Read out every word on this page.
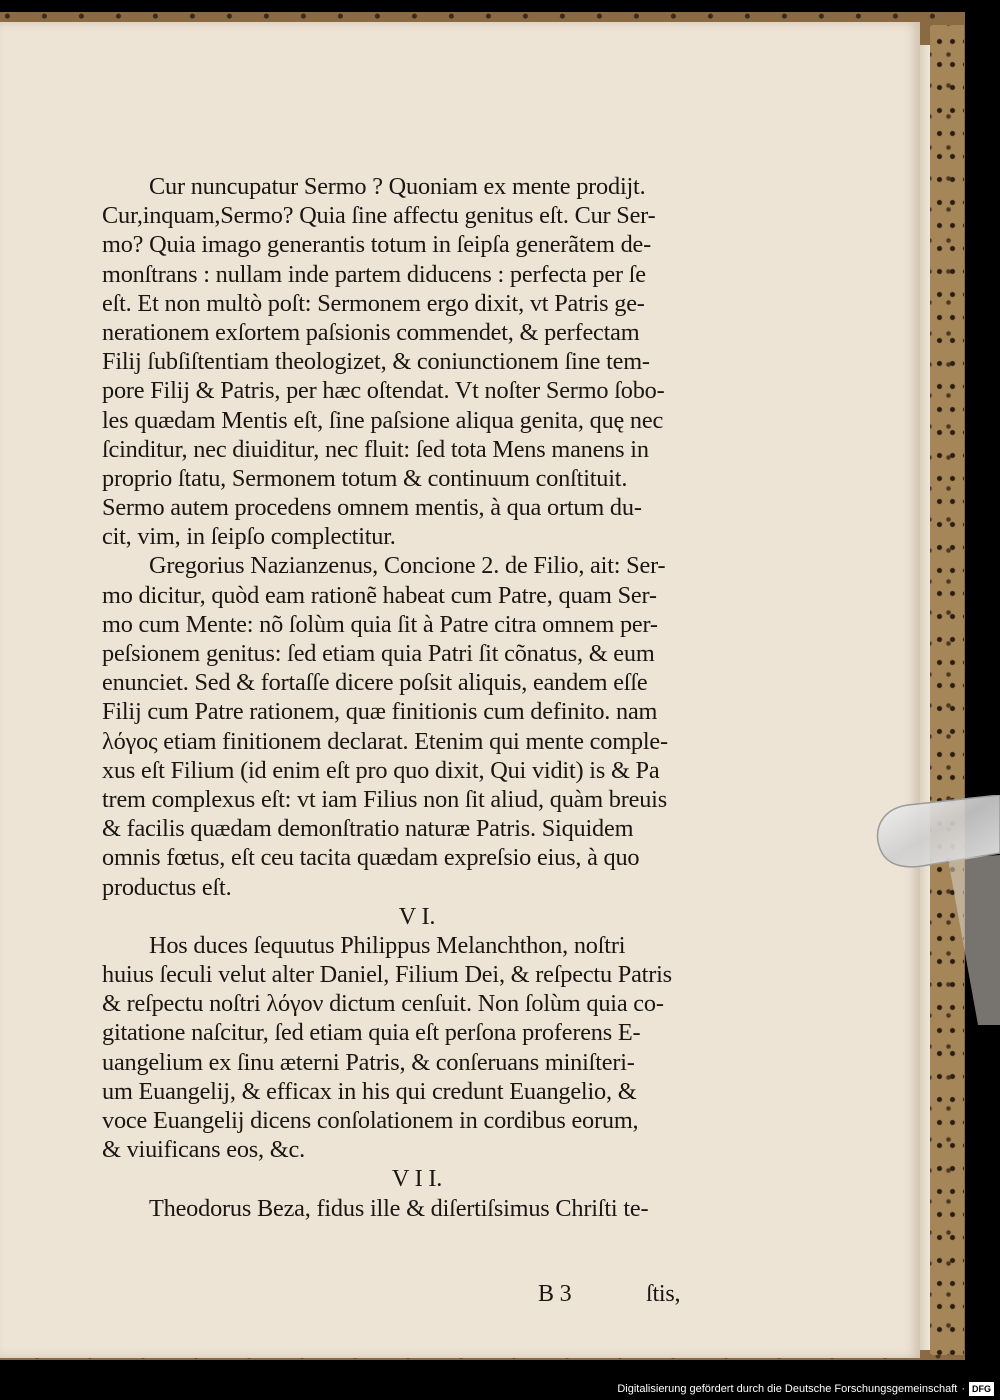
Cur nuncupatur Sermo ? Quoniam ex mente prodijt.
Cur,inquam,Sermo? Quia ſine affectu genitus eſt. Cur Ser-
mo? Quia imago generantis totum in ſeipſa generãtem de-
monſtrans : nullam inde partem diducens : perfecta per ſe
eſt. Et non multò poſt: Sermonem ergo dixit, vt Patris ge-
nerationem exſortem paſsionis commendet, & perfectam
Filij ſubſiſtentiam theologizet, & coniunctionem ſine tem-
pore Filij & Patris, per hæc oſtendat. Vt noſter Sermo ſobo-
les quædam Mentis eſt, ſine paſsione aliqua genita, quę nec
ſcinditur, nec diuiditur, nec fluit: ſed tota Mens manens in
proprio ſtatu, Sermonem totum & continuum conſtituit.
Sermo autem procedens omnem mentis, à qua ortum du-
cit, vim, in ſeipſo complectitur.
Gregorius Nazianzenus, Concione 2. de Filio, ait: Ser-
mo dicitur, quòd eam rationẽ habeat cum Patre, quam Ser-
mo cum Mente: nõ ſolùm quia ſit à Patre citra omnem per-
peſsionem genitus: ſed etiam quia Patri ſit cõnatus, & eum
enunciet. Sed & fortaſſe dicere poſsit aliquis, eandem eſſe
Filij cum Patre rationem, quæ finitionis cum definito. nam
λόγος etiam finitionem declarat. Etenim qui mente comple-
xus eſt Filium (id enim eſt pro quo dixit, Qui vidit) is & Pa
trem complexus eſt: vt iam Filius non ſit aliud, quàm breuis
& facilis quædam demonſtratio naturæ Patris. Siquidem
omnis fœtus, eſt ceu tacita quædam expreſsio eius, à quo
productus eſt.
V I.
Hos duces ſequutus Philippus Melanchthon, noſtri
huius ſeculi velut alter Daniel, Filium Dei, & reſpectu Patris
& reſpectu noſtri λόγον dictum cenſuit. Non ſolùm quia co-
gitatione naſcitur, ſed etiam quia eſt perſona proferens E-
uangelium ex ſinu æterni Patris, & conſeruans miniſteri-
um Euangelij, & efficax in his qui credunt Euangelio, &
voce Euangelij dicens conſolationem in cordibus eorum,
& viuificans eos, &c.
V I I.
Theodorus Beza, fidus ille & diſertiſsimus Chriſti te-
B 3	ſtis,
Digitalisierung gefördert durch die Deutsche Forschungsgemeinschaft · DFG
